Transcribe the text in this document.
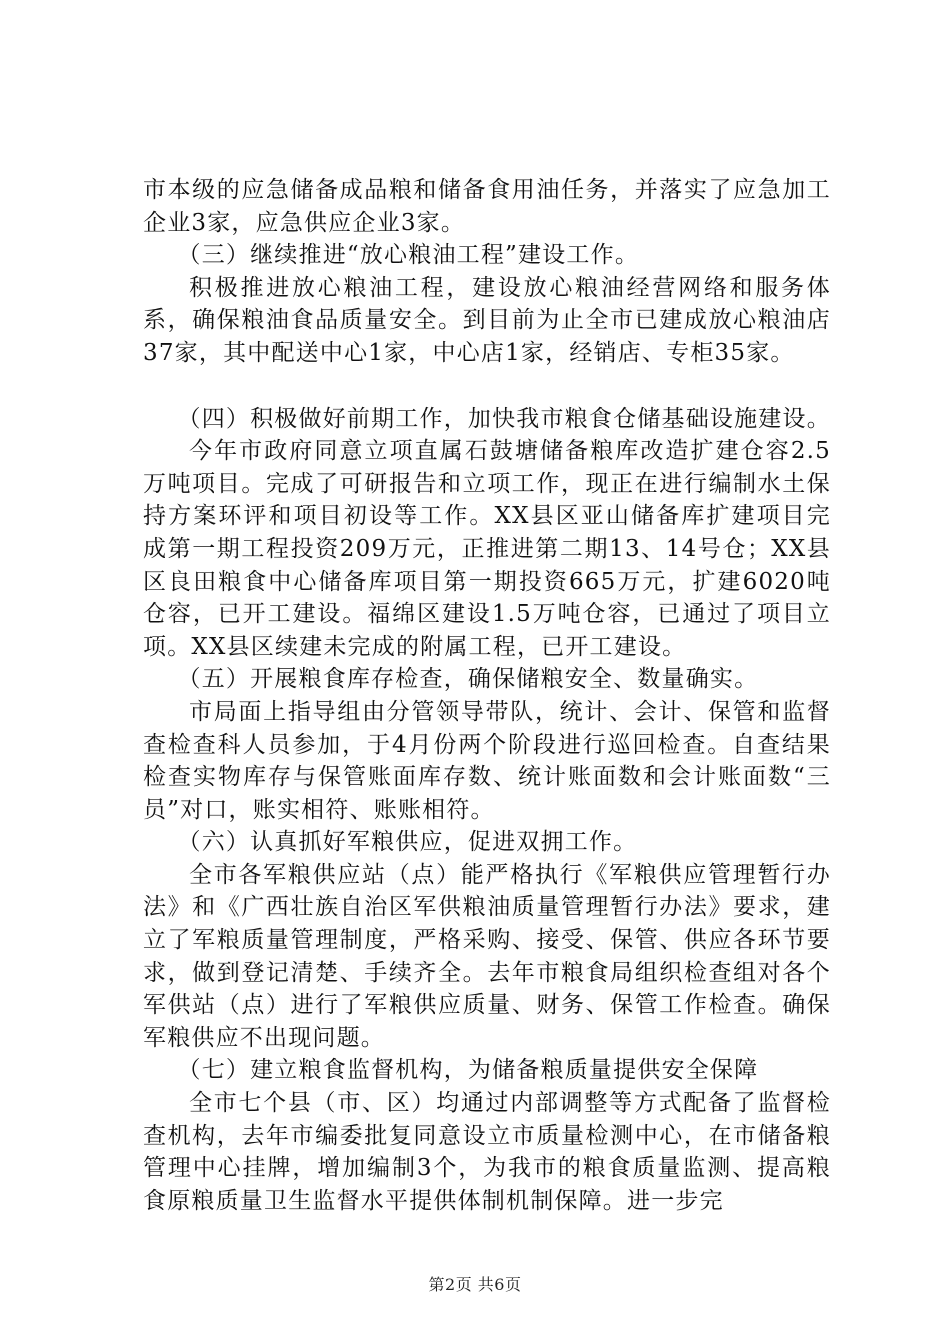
市本级的应急储备成品粮和储备食用油任务，并落实了应急加工企业3家，应急供应企业3家。

（三）继续推进“放心粮油工程”建设工作。

积极推进放心粮油工程，建设放心粮油经营网络和服务体系，确保粮油食品质量安全。到目前为止全市已建成放心粮油店37家，其中配送中心1家，中心店1家，经销店、专柜35家。

（四）积极做好前期工作，加快我市粮食仓储基础设施建设。

今年市政府同意立项直属石鼓塘储备粮库改造扩建仓容2.5万吨项目。完成了可研报告和立项工作，现正在进行编制水土保持方案环评和项目初设等工作。XX县区亚山储备库扩建项目完成第一期工程投资209万元，正推进第二期13、14号仓；XX县区良田粮食中心储备库项目第一期投资665万元，扩建6020吨仓容，已开工建设。福绵区建设1.5万吨仓容，已通过了项目立项。XX县区续建未完成的附属工程，已开工建设。

（五）开展粮食库存检查，确保储粮安全、数量确实。

市局面上指导组由分管领导带队，统计、会计、保管和监督查检查科人员参加，于4月份两个阶段进行巡回检查。自查结果检查实物库存与保管账面库存数、统计账面数和会计账面数“三员”对口，账实相符、账账相符。

（六）认真抓好军粮供应，促进双拥工作。

全市各军粮供应站（点）能严格执行《军粮供应管理暂行办法》和《广西壮族自治区军供粮油质量管理暂行办法》要求，建立了军粮质量管理制度，严格采购、接受、保管、供应各环节要求，做到登记清楚、手续齐全。去年市粮食局组织检查组对各个军供站（点）进行了军粮供应质量、财务、保管工作检查。确保军粮供应不出现问题。

（七）建立粮食监督机构，为储备粮质量提供安全保障

全市七个县（市、区）均通过内部调整等方式配备了监督检查机构，去年市编委批复同意设立市质量检测中心，在市储备粮管理中心挂牌，增加编制3个，为我市的粮食质量监测、提高粮食原粮质量卫生监督水平提供体制机制保障。进一步完

第2页 共6页
